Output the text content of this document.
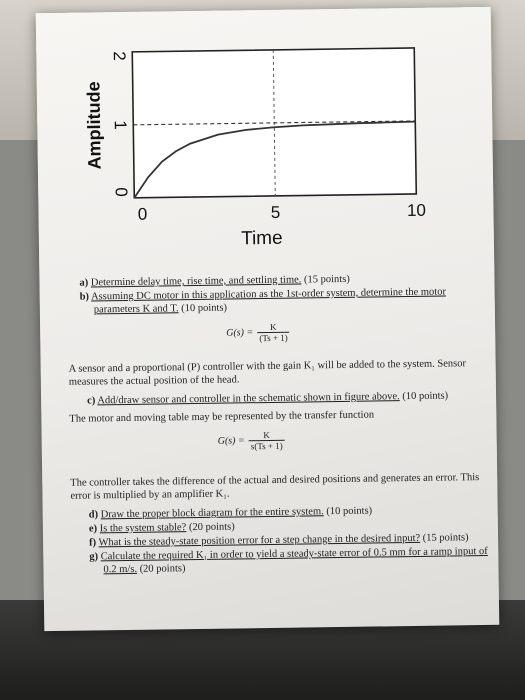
0	5	10
0
1
2
Time
Amplitude
a) Determine delay time, rise time, and settling time. (15 points)
b) Assuming DC motor in this application as the 1st-order system, determine the motor
parameters K and T. (10 points)
$G(s) = \frac{K}{(Ts + 1)}$
A sensor and a proportional (P) controller with the gain K₁ will be added to the system. Sensor
measures the actual position of the head.
c) Add/draw sensor and controller in the schematic shown in figure above. (10 points)
The motor and moving table may be represented by the transfer function
$G(s) = \frac{K}{s(Ts + 1)}$
The controller takes the difference of the actual and desired positions and generates an error. This
error is multiplied by an amplifier K₁.
d) Draw the proper block diagram for the entire system. (10 points)
e) Is the system stable? (20 points)
f) What is the steady-state position error for a step change in the desired input? (15 points)
g) Calculate the required K₁ in order to yield a steady-state error of 0.5 mm for a ramp input of
0.2 m/s. (20 points)
